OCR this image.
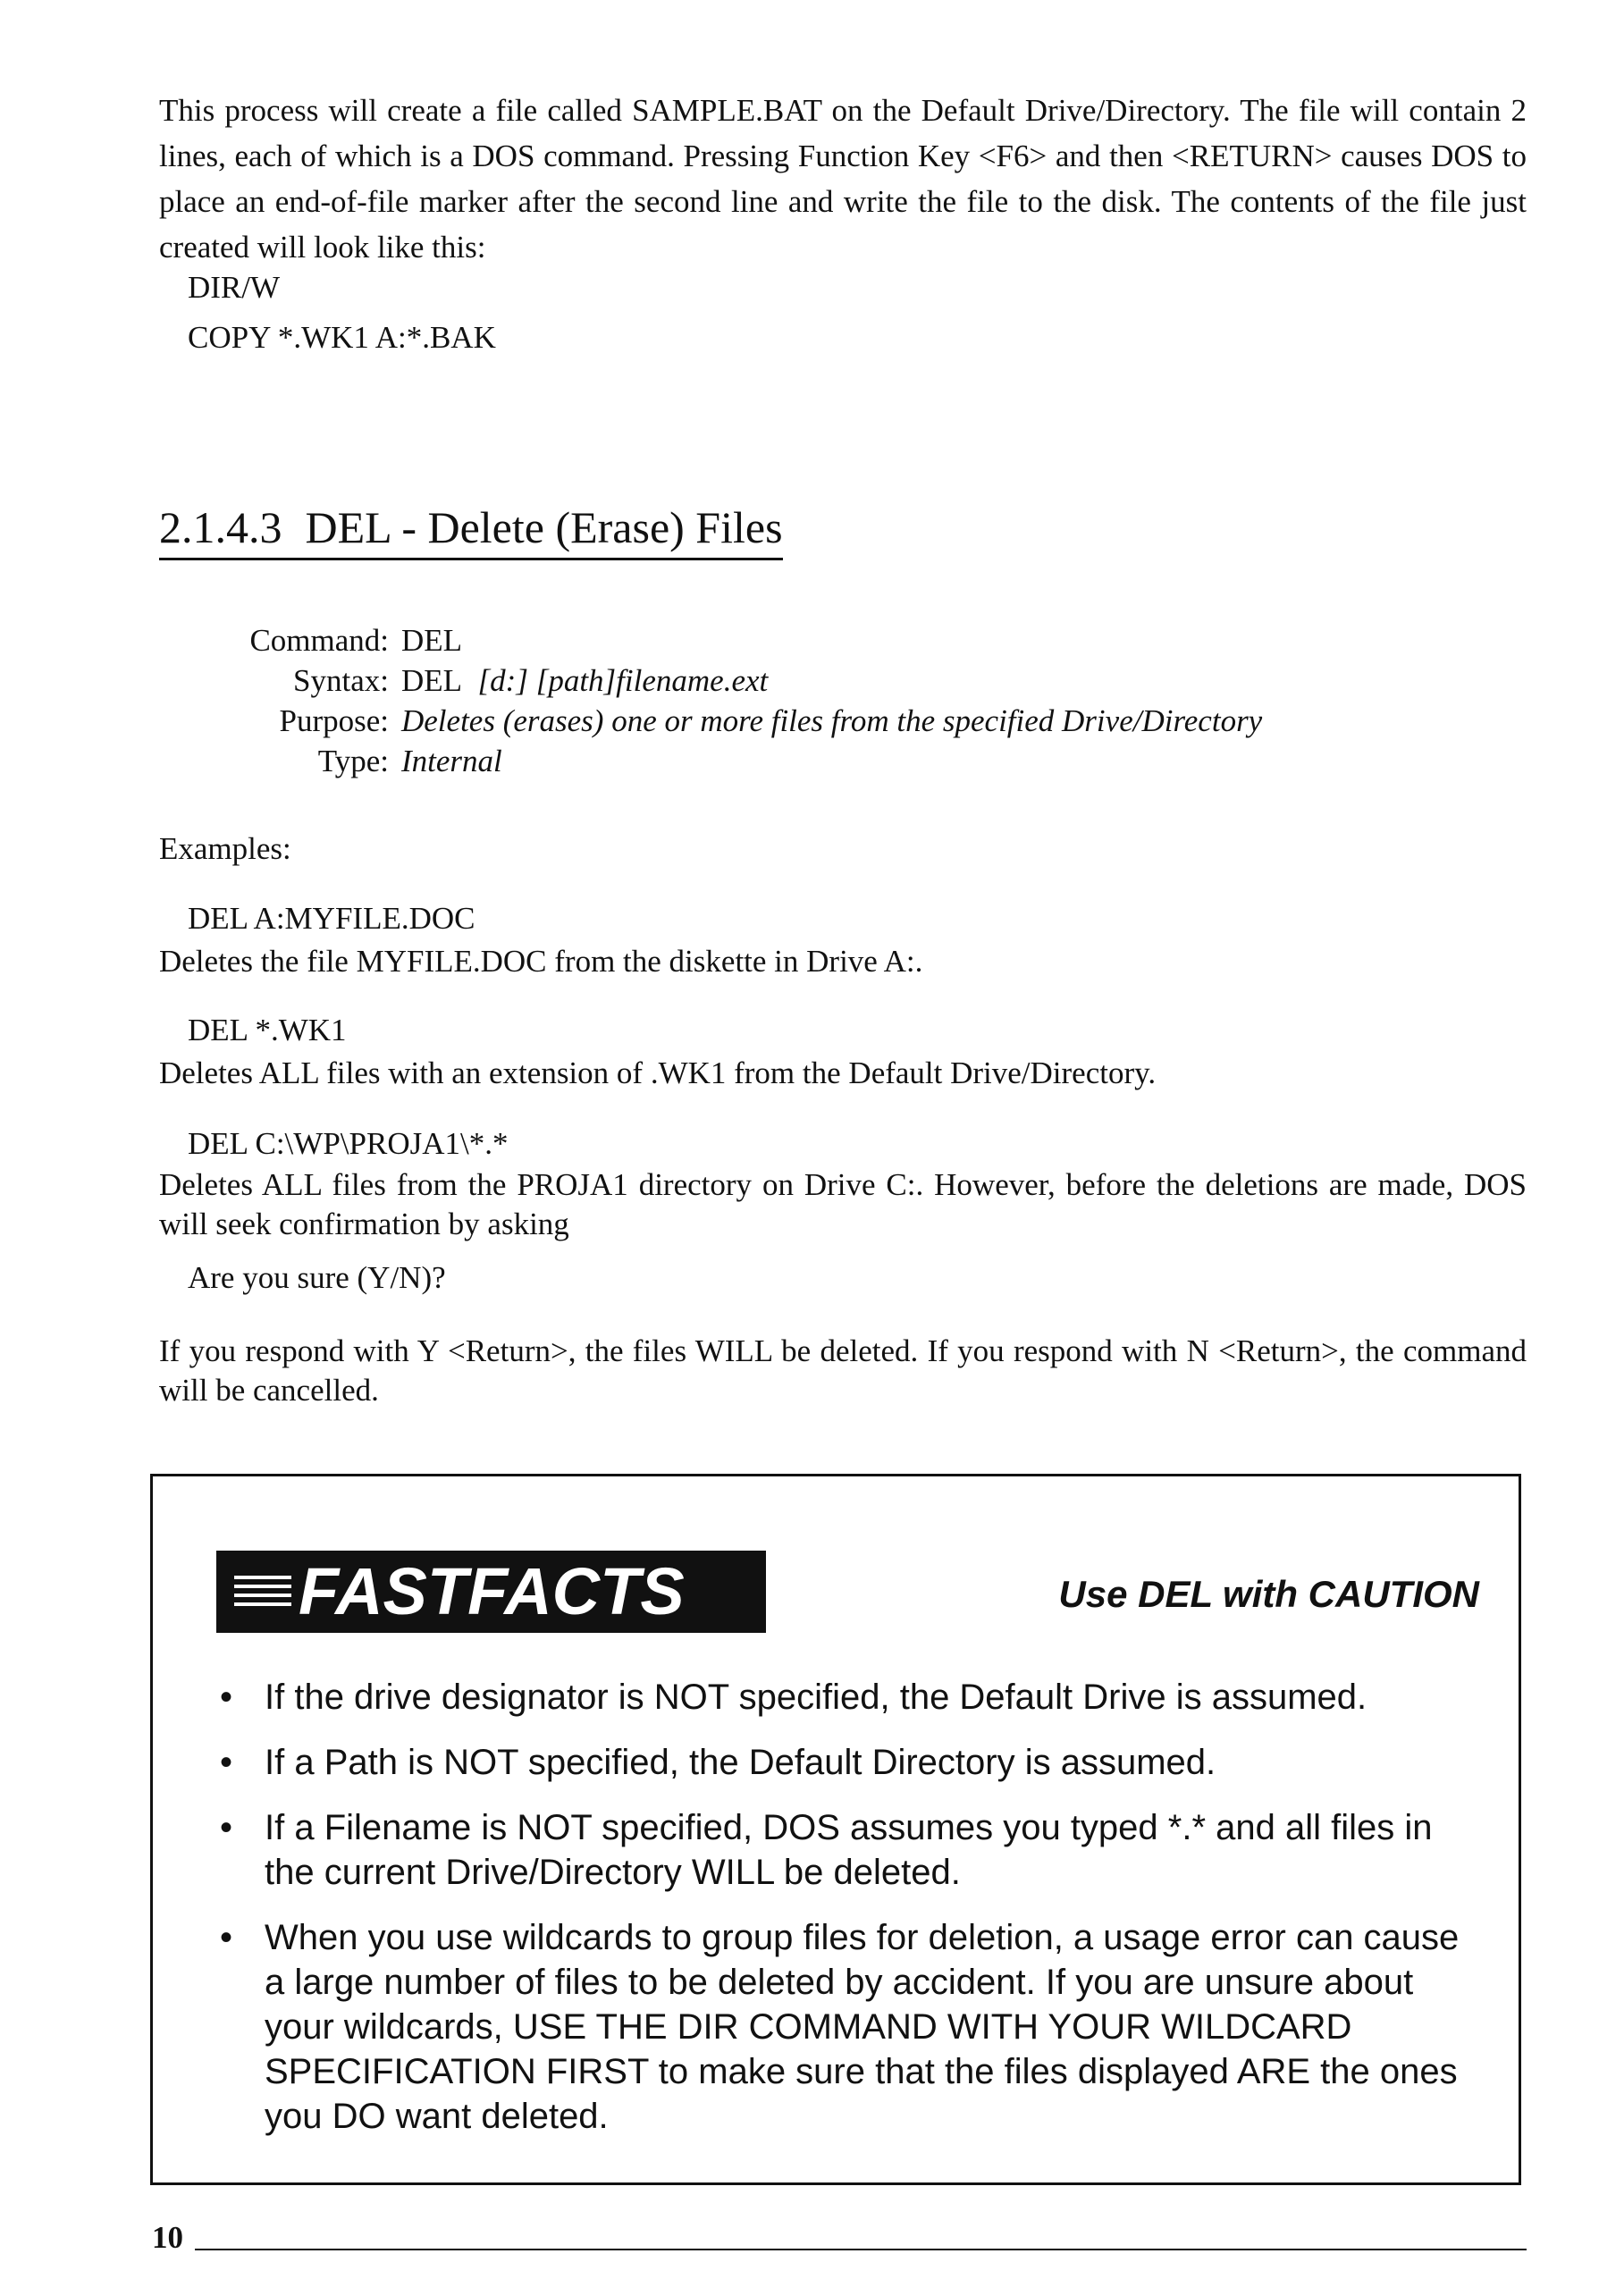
This process will create a file called SAMPLE.BAT on the Default Drive/Directory. The file will contain 2 lines, each of which is a DOS command. Pressing Function Key <F6> and then <RETURN> causes DOS to place an end-of-file marker after the second line and write the file to the disk. The contents of the file just created will look like this:

DIR/W
COPY *.WK1 A:*.BAK
2.1.4.3 DEL - Delete (Erase) Files
Command: DEL
Syntax: DEL [d:] [path]filename.ext
Purpose: Deletes (erases) one or more files from the specified Drive/Directory
Type: Internal
Examples:
DEL A:MYFILE.DOC

Deletes the file MYFILE.DOC from the diskette in Drive A:.

DEL *.WK1

Deletes ALL files with an extension of .WK1 from the Default Drive/Directory.

DEL C:\WP\PROJA1\*.*

Deletes ALL files from the PROJA1 directory on Drive C:. However, before the deletions are made, DOS will seek confirmation by asking

Are you sure (Y/N)?

If you respond with Y <Return>, the files WILL be deleted. If you respond with N <Return>, the command will be cancelled.

FASTFACTS	Use DEL with CAUTION
• If the drive designator is NOT specified, the Default Drive is assumed.
• If a Path is NOT specified, the Default Directory is assumed.
• If a Filename is NOT specified, DOS assumes you typed *.* and all files in the current Drive/Directory WILL be deleted.
• When you use wildcards to group files for deletion, a usage error can cause a large number of files to be deleted by accident. If you are unsure about your wildcards, USE THE DIR COMMAND WITH YOUR WILDCARD SPECIFICATION FIRST to make sure that the files displayed ARE the ones you DO want deleted.
10
